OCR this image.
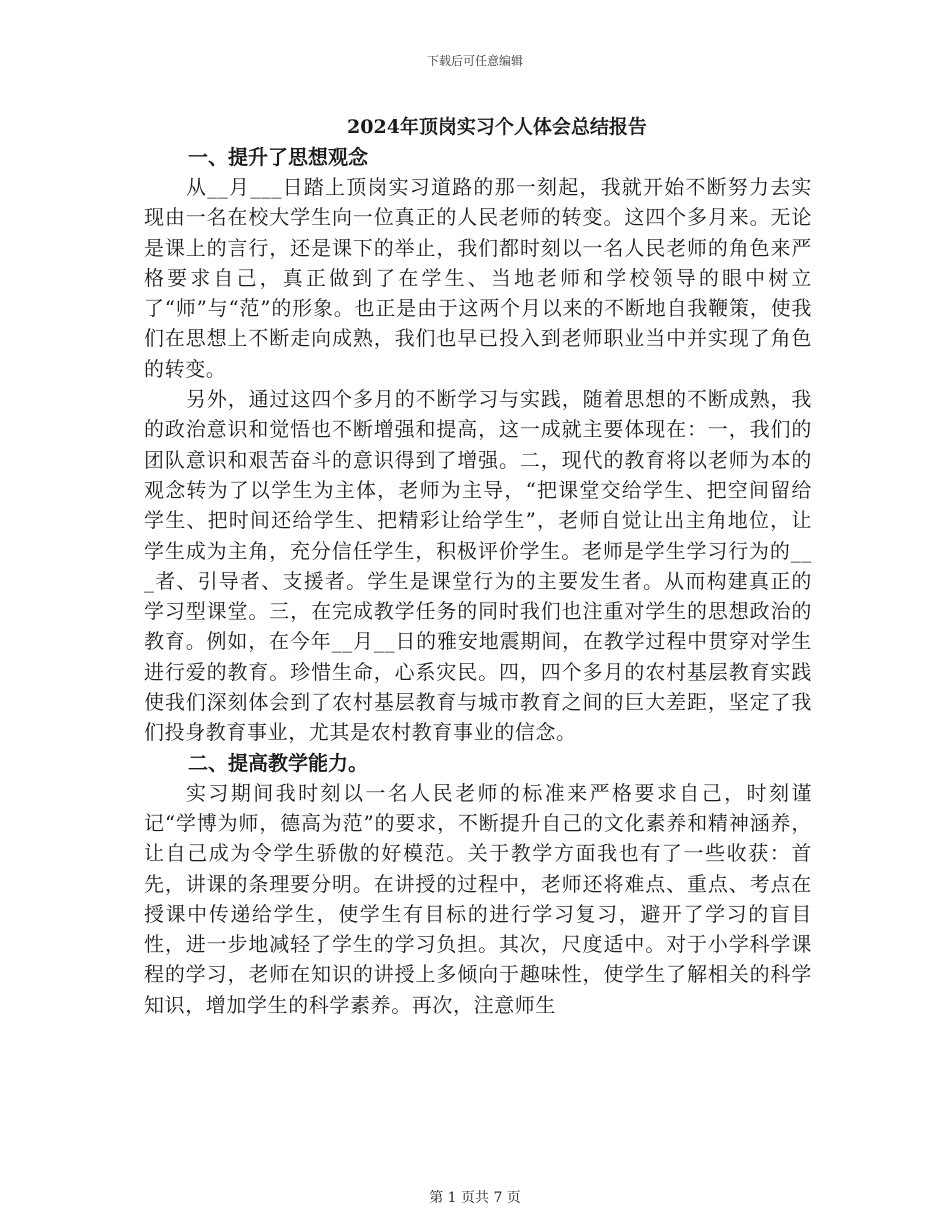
下载后可任意编辑
2024年顶岗实习个人体会总结报告
一、提升了思想观念

从__月___日踏上顶岗实习道路的那一刻起，我就开始不断努力去实现由一名在校大学生向一位真正的人民老师的转变。这四个多月来。无论是课上的言行，还是课下的举止，我们都时刻以一名人民老师的角色来严格要求自己，真正做到了在学生、当地老师和学校领导的眼中树立了“师”与“范”的形象。也正是由于这两个月以来的不断地自我鞭策，使我们在思想上不断走向成熟，我们也早已投入到老师职业当中并实现了角色的转变。

另外，通过这四个多月的不断学习与实践，随着思想的不断成熟，我的政治意识和觉悟也不断增强和提高，这一成就主要体现在：一，我们的团队意识和艰苦奋斗的意识得到了增强。二，现代的教育将以老师为本的观念转为了以学生为主体，老师为主导，“把课堂交给学生、把空间留给学生、把时间还给学生、把精彩让给学生”，老师自觉让出主角地位，让学生成为主角，充分信任学生，积极评价学生。老师是学生学习行为的___者、引导者、支援者。学生是课堂行为的主要发生者。从而构建真正的学习型课堂。三，在完成教学任务的同时我们也注重对学生的思想政治的教育。例如，在今年__月__日的雅安地震期间，在教学过程中贯穿对学生进行爱的教育。珍惜生命，心系灾民。四，四个多月的农村基层教育实践使我们深刻体会到了农村基层教育与城市教育之间的巨大差距，坚定了我们投身教育事业，尤其是农村教育事业的信念。

二、提高教学能力。

实习期间我时刻以一名人民老师的标准来严格要求自己，时刻谨记“学博为师，德高为范”的要求，不断提升自己的文化素养和精神涵养，让自己成为令学生骄傲的好模范。关于教学方面我也有了一些收获：首先，讲课的条理要分明。在讲授的过程中，老师还将难点、重点、考点在授课中传递给学生，使学生有目标的进行学习复习，避开了学习的盲目性，进一步地减轻了学生的学习负担。其次，尺度适中。对于小学科学课程的学习，老师在知识的讲授上多倾向于趣味性，使学生了解相关的科学知识，增加学生的科学素养。再次，注意师生

第 1 页共 7 页
